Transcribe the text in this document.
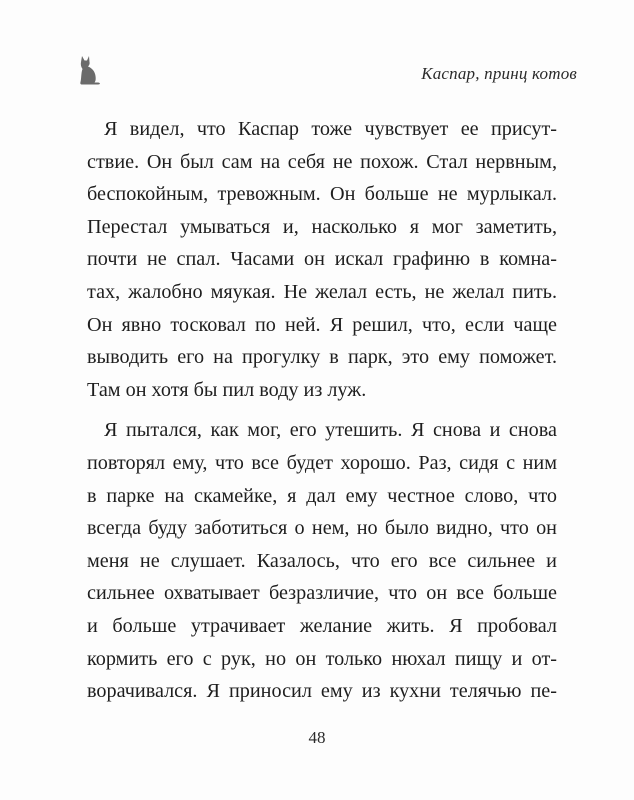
Каспар, принц котов
Я видел, что Каспар тоже чувствует ее присут-
ствие. Он был сам на себя не похож. Стал нервным,
беспокойным, тревожным. Он больше не мурлыкал.
Перестал умываться и, насколько я мог заметить,
почти не спал. Часами он искал графиню в комна-
тах, жалобно мяукая. Не желал есть, не желал пить.
Он явно тосковал по ней. Я решил, что, если чаще
выводить его на прогулку в парк, это ему поможет.
Там он хотя бы пил воду из луж.
Я пытался, как мог, его утешить. Я снова и снова
повторял ему, что все будет хорошо. Раз, сидя с ним
в парке на скамейке, я дал ему честное слово, что
всегда буду заботиться о нем, но было видно, что он
меня не слушает. Казалось, что его все сильнее и
сильнее охватывает безразличие, что он все больше
и больше утрачивает желание жить. Я пробовал
кормить его с рук, но он только нюхал пищу и от-
ворачивался. Я приносил ему из кухни телячью пе-
48
